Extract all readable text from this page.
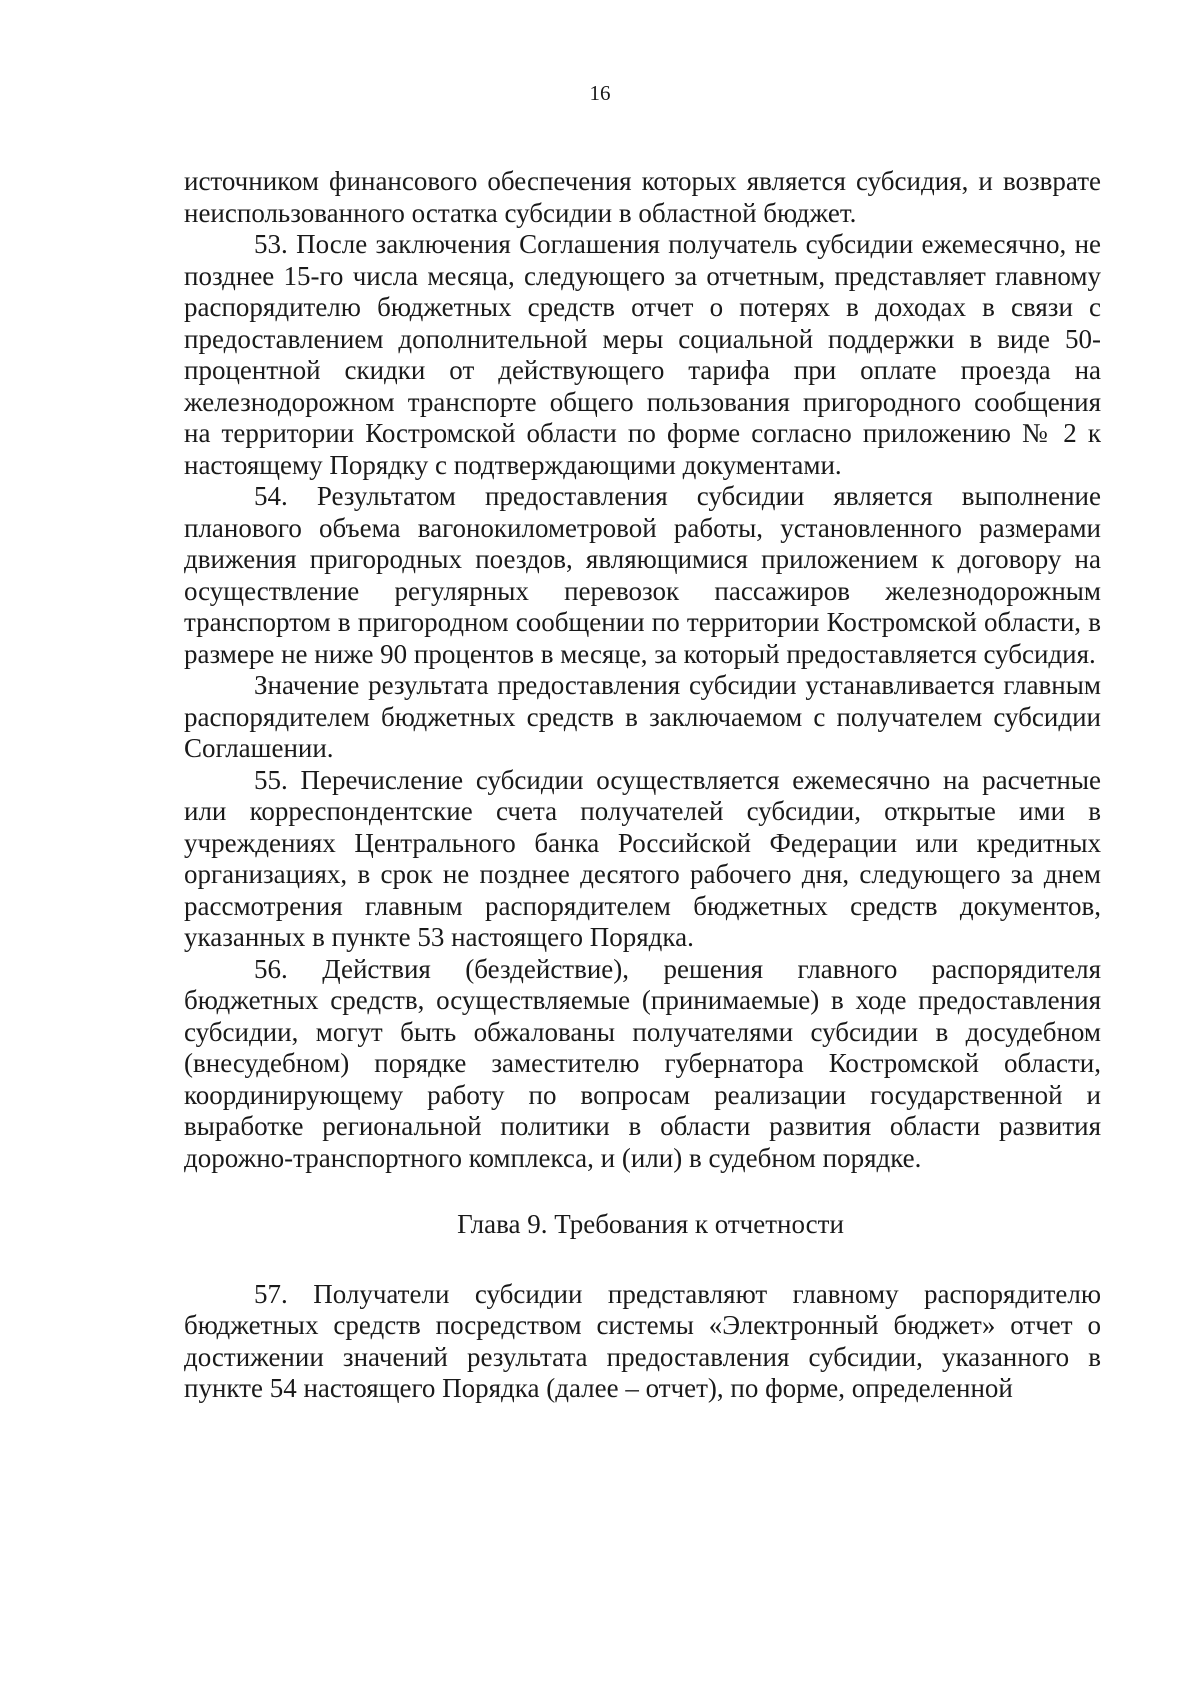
16

источником финансового обеспечения которых является субсидия, и возврате неиспользованного остатка субсидии в областной бюджет.

53. После заключения Соглашения получатель субсидии ежемесячно, не позднее 15-го числа месяца, следующего за отчетным, представляет главному распорядителю бюджетных средств отчет о потерях в доходах в связи с предоставлением дополнительной меры социальной поддержки в виде 50-процентной скидки от действующего тарифа при оплате проезда на железнодорожном транспорте общего пользования пригородного сообщения на территории Костромской области по форме согласно приложению № 2 к настоящему Порядку с подтверждающими документами.

54. Результатом предоставления субсидии является выполнение планового объема вагонокилометровой работы, установленного размерами движения пригородных поездов, являющимися приложением к договору на осуществление регулярных перевозок пассажиров железнодорожным транспортом в пригородном сообщении по территории Костромской области, в размере не ниже 90 процентов в месяце, за который предоставляется субсидия.

Значение результата предоставления субсидии устанавливается главным распорядителем бюджетных средств в заключаемом с получателем субсидии Соглашении.

55. Перечисление субсидии осуществляется ежемесячно на расчетные или корреспондентские счета получателей субсидии, открытые ими в учреждениях Центрального банка Российской Федерации или кредитных организациях, в срок не позднее десятого рабочего дня, следующего за днем рассмотрения главным распорядителем бюджетных средств документов, указанных в пункте 53 настоящего Порядка.

56. Действия (бездействие), решения главного распорядителя бюджетных средств, осуществляемые (принимаемые) в ходе предоставления субсидии, могут быть обжалованы получателями субсидии в досудебном (внесудебном) порядке заместителю губернатора Костромской области, координирующему работу по вопросам реализации государственной и выработке региональной политики в области развития области развития дорожно-транспортного комплекса, и (или) в судебном порядке.

Глава 9. Требования к отчетности

57. Получатели субсидии представляют главному распорядителю бюджетных средств посредством системы «Электронный бюджет» отчет о достижении значений результата предоставления субсидии, указанного в пункте 54 настоящего Порядка (далее – отчет), по форме, определенной
